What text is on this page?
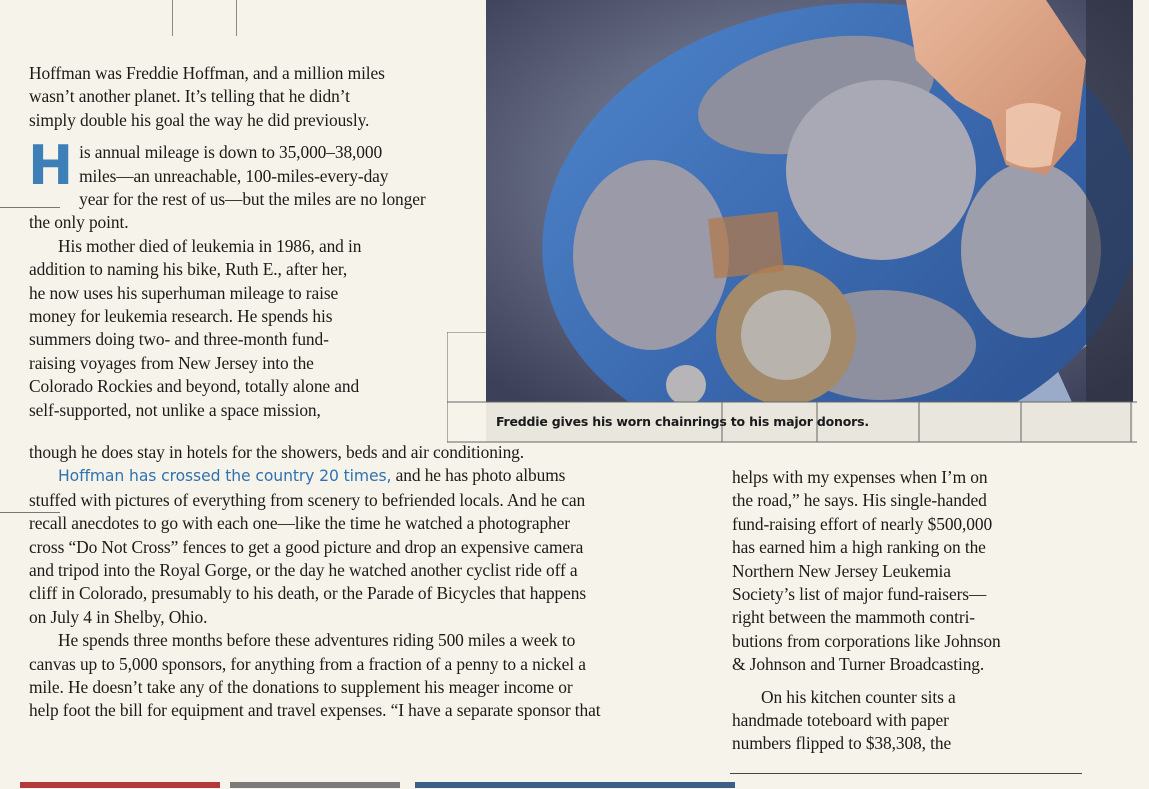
Freddie gives his worn chainrings to his major donors.

Hoffman was Freddie Hoffman, and a million miles
wasn’t another planet. It’s telling that he didn’t
simply double his goal the way he did previously.

H is annual mileage is down to 35,000–38,000
miles—an unreachable, 100-miles-every-day
year for the rest of us—but the miles are no longer
the only point.

His mother died of leukemia in 1986, and in
addition to naming his bike, Ruth E., after her,
he now uses his superhuman mileage to raise
money for leukemia research. He spends his
summers doing two- and three-month fund-
raising voyages from New Jersey into the
Colorado Rockies and beyond, totally alone and
self-supported, not unlike a space mission,

though he does stay in hotels for the showers, beds and air conditioning.

Hoffman has crossed the country 20 times, and he has photo albums

stuffed with pictures of everything from scenery to befriended locals. And he can

recall anecdotes to go with each one—like the time he watched a photographer

cross “Do Not Cross” fences to get a good picture and drop an expensive camera

and tripod into the Royal Gorge, or the day he watched another cyclist ride off a

cliff in Colorado, presumably to his death, or the Parade of Bicycles that happens

on July 4 in Shelby, Ohio.

He spends three months before these adventures riding 500 miles a week to

canvas up to 5,000 sponsors, for anything from a fraction of a penny to a nickel a

mile. He doesn’t take any of the donations to supplement his meager income or

help foot the bill for equipment and travel expenses. “I have a separate sponsor that

helps with my expenses when I’m on
the road,” he says. His single-handed
fund-raising effort of nearly $500,000
has earned him a high ranking on the
Northern New Jersey Leukemia
Society’s list of major fund-raisers—
right between the mammoth contri-
butions from corporations like Johnson
& Johnson and Turner Broadcasting.

On his kitchen counter sits a
handmade toteboard with paper
numbers flipped to $38,308, the
